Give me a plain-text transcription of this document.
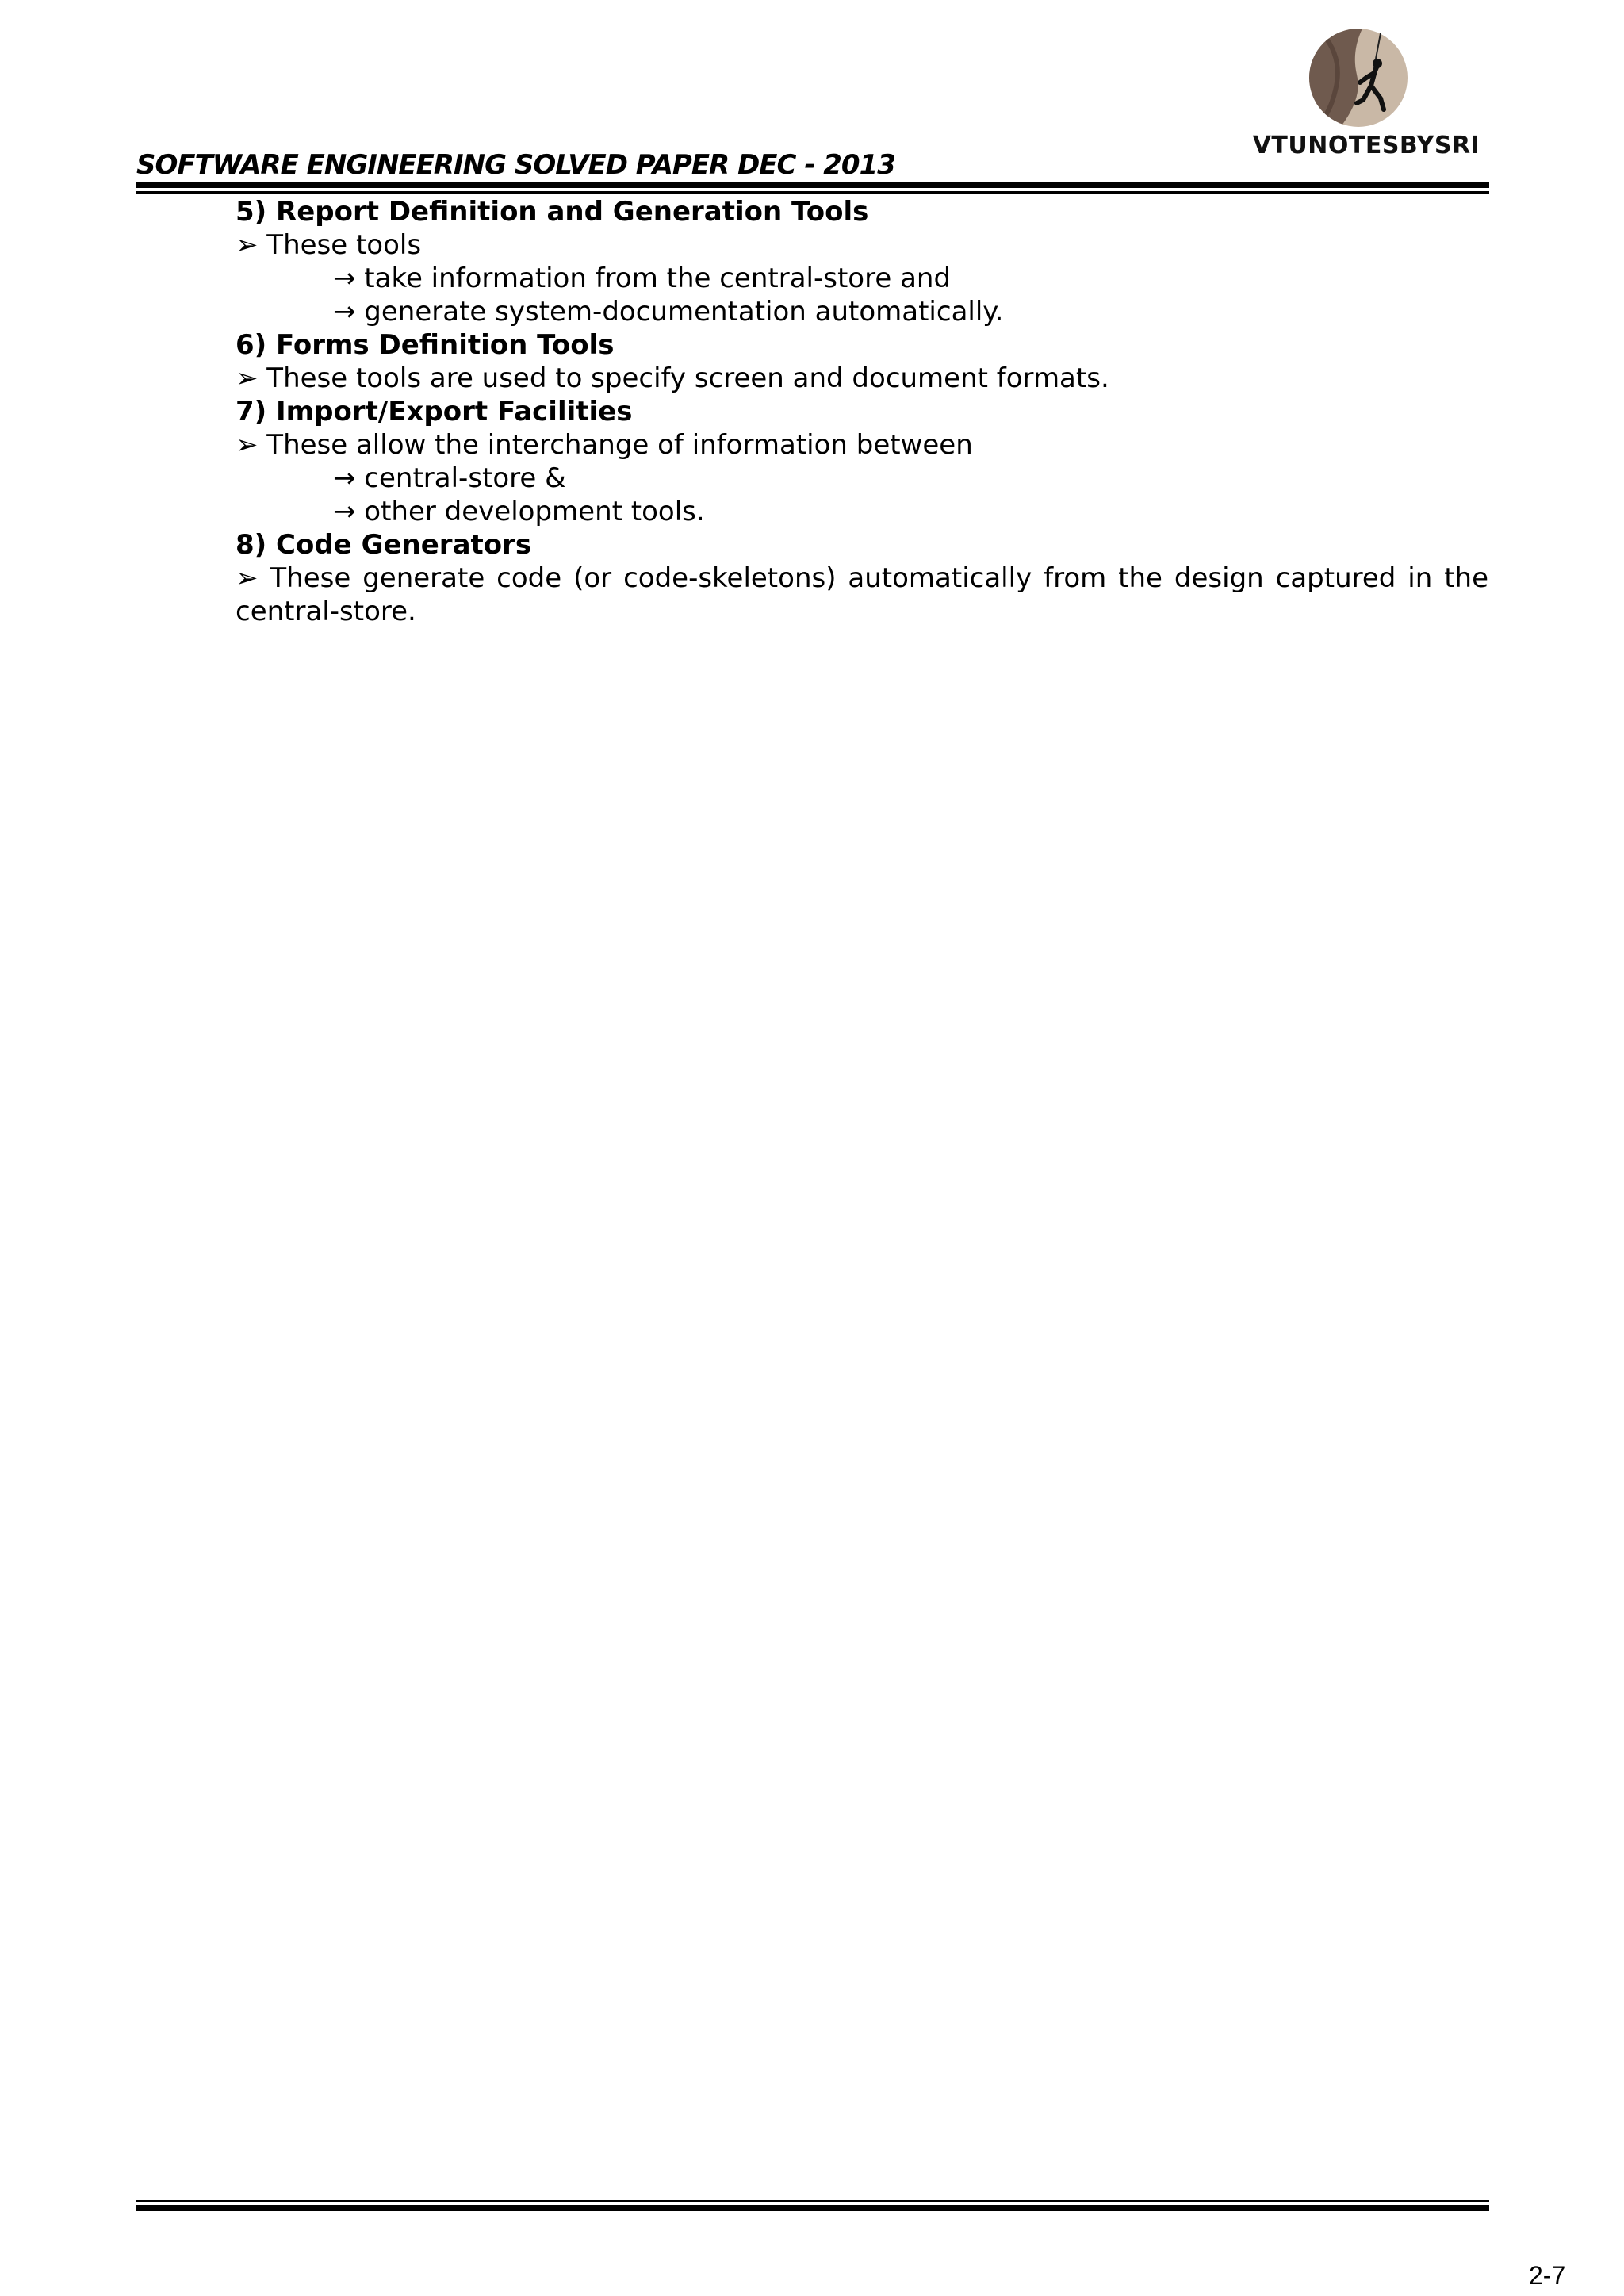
SOFTWARE ENGINEERING SOLVED PAPER DEC - 2013
VTUNOTESBYSRI
5) Report Definition and Generation Tools
➢ These tools
→ take information from the central-store and
→ generate system-documentation automatically.
6) Forms Definition Tools
➢ These tools are used to specify screen and document formats.
7) Import/Export Facilities
➢ These allow the interchange of information between
→ central-store &
→ other development tools.
8) Code Generators
➢ These generate code (or code-skeletons) automatically from the design captured in the central-store.
2-7
